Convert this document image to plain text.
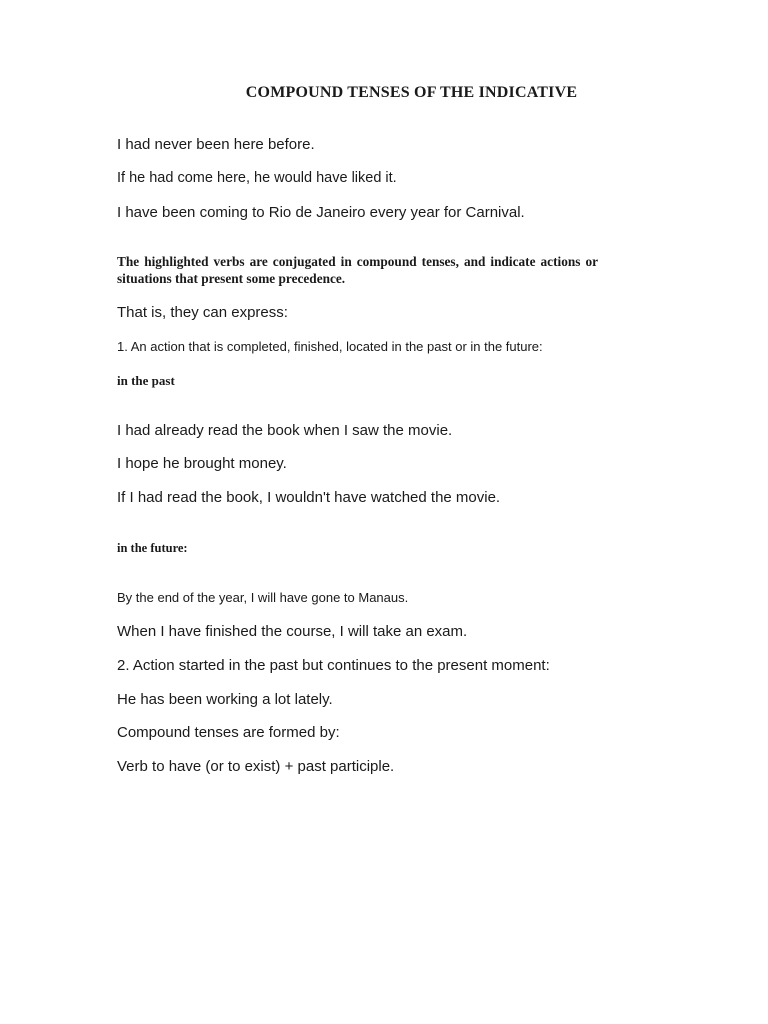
COMPOUND TENSES OF THE INDICATIVE
I had never been here before.
If he had come here, he would have liked it.
I have been coming to Rio de Janeiro every year for Carnival.
The highlighted verbs are conjugated in compound tenses, and indicate actions or situations that present some precedence.
That is, they can express:
1. An action that is completed, finished, located in the past or in the future:
in the past
I had already read the book when I saw the movie.
I hope he brought money.
If I had read the book, I wouldn't have watched the movie.
in the future:
By the end of the year, I will have gone to Manaus.
When I have finished the course, I will take an exam.
2. Action started in the past but continues to the present moment:
He has been working a lot lately.
Compound tenses are formed by:
Verb to have (or to exist) + past participle.
